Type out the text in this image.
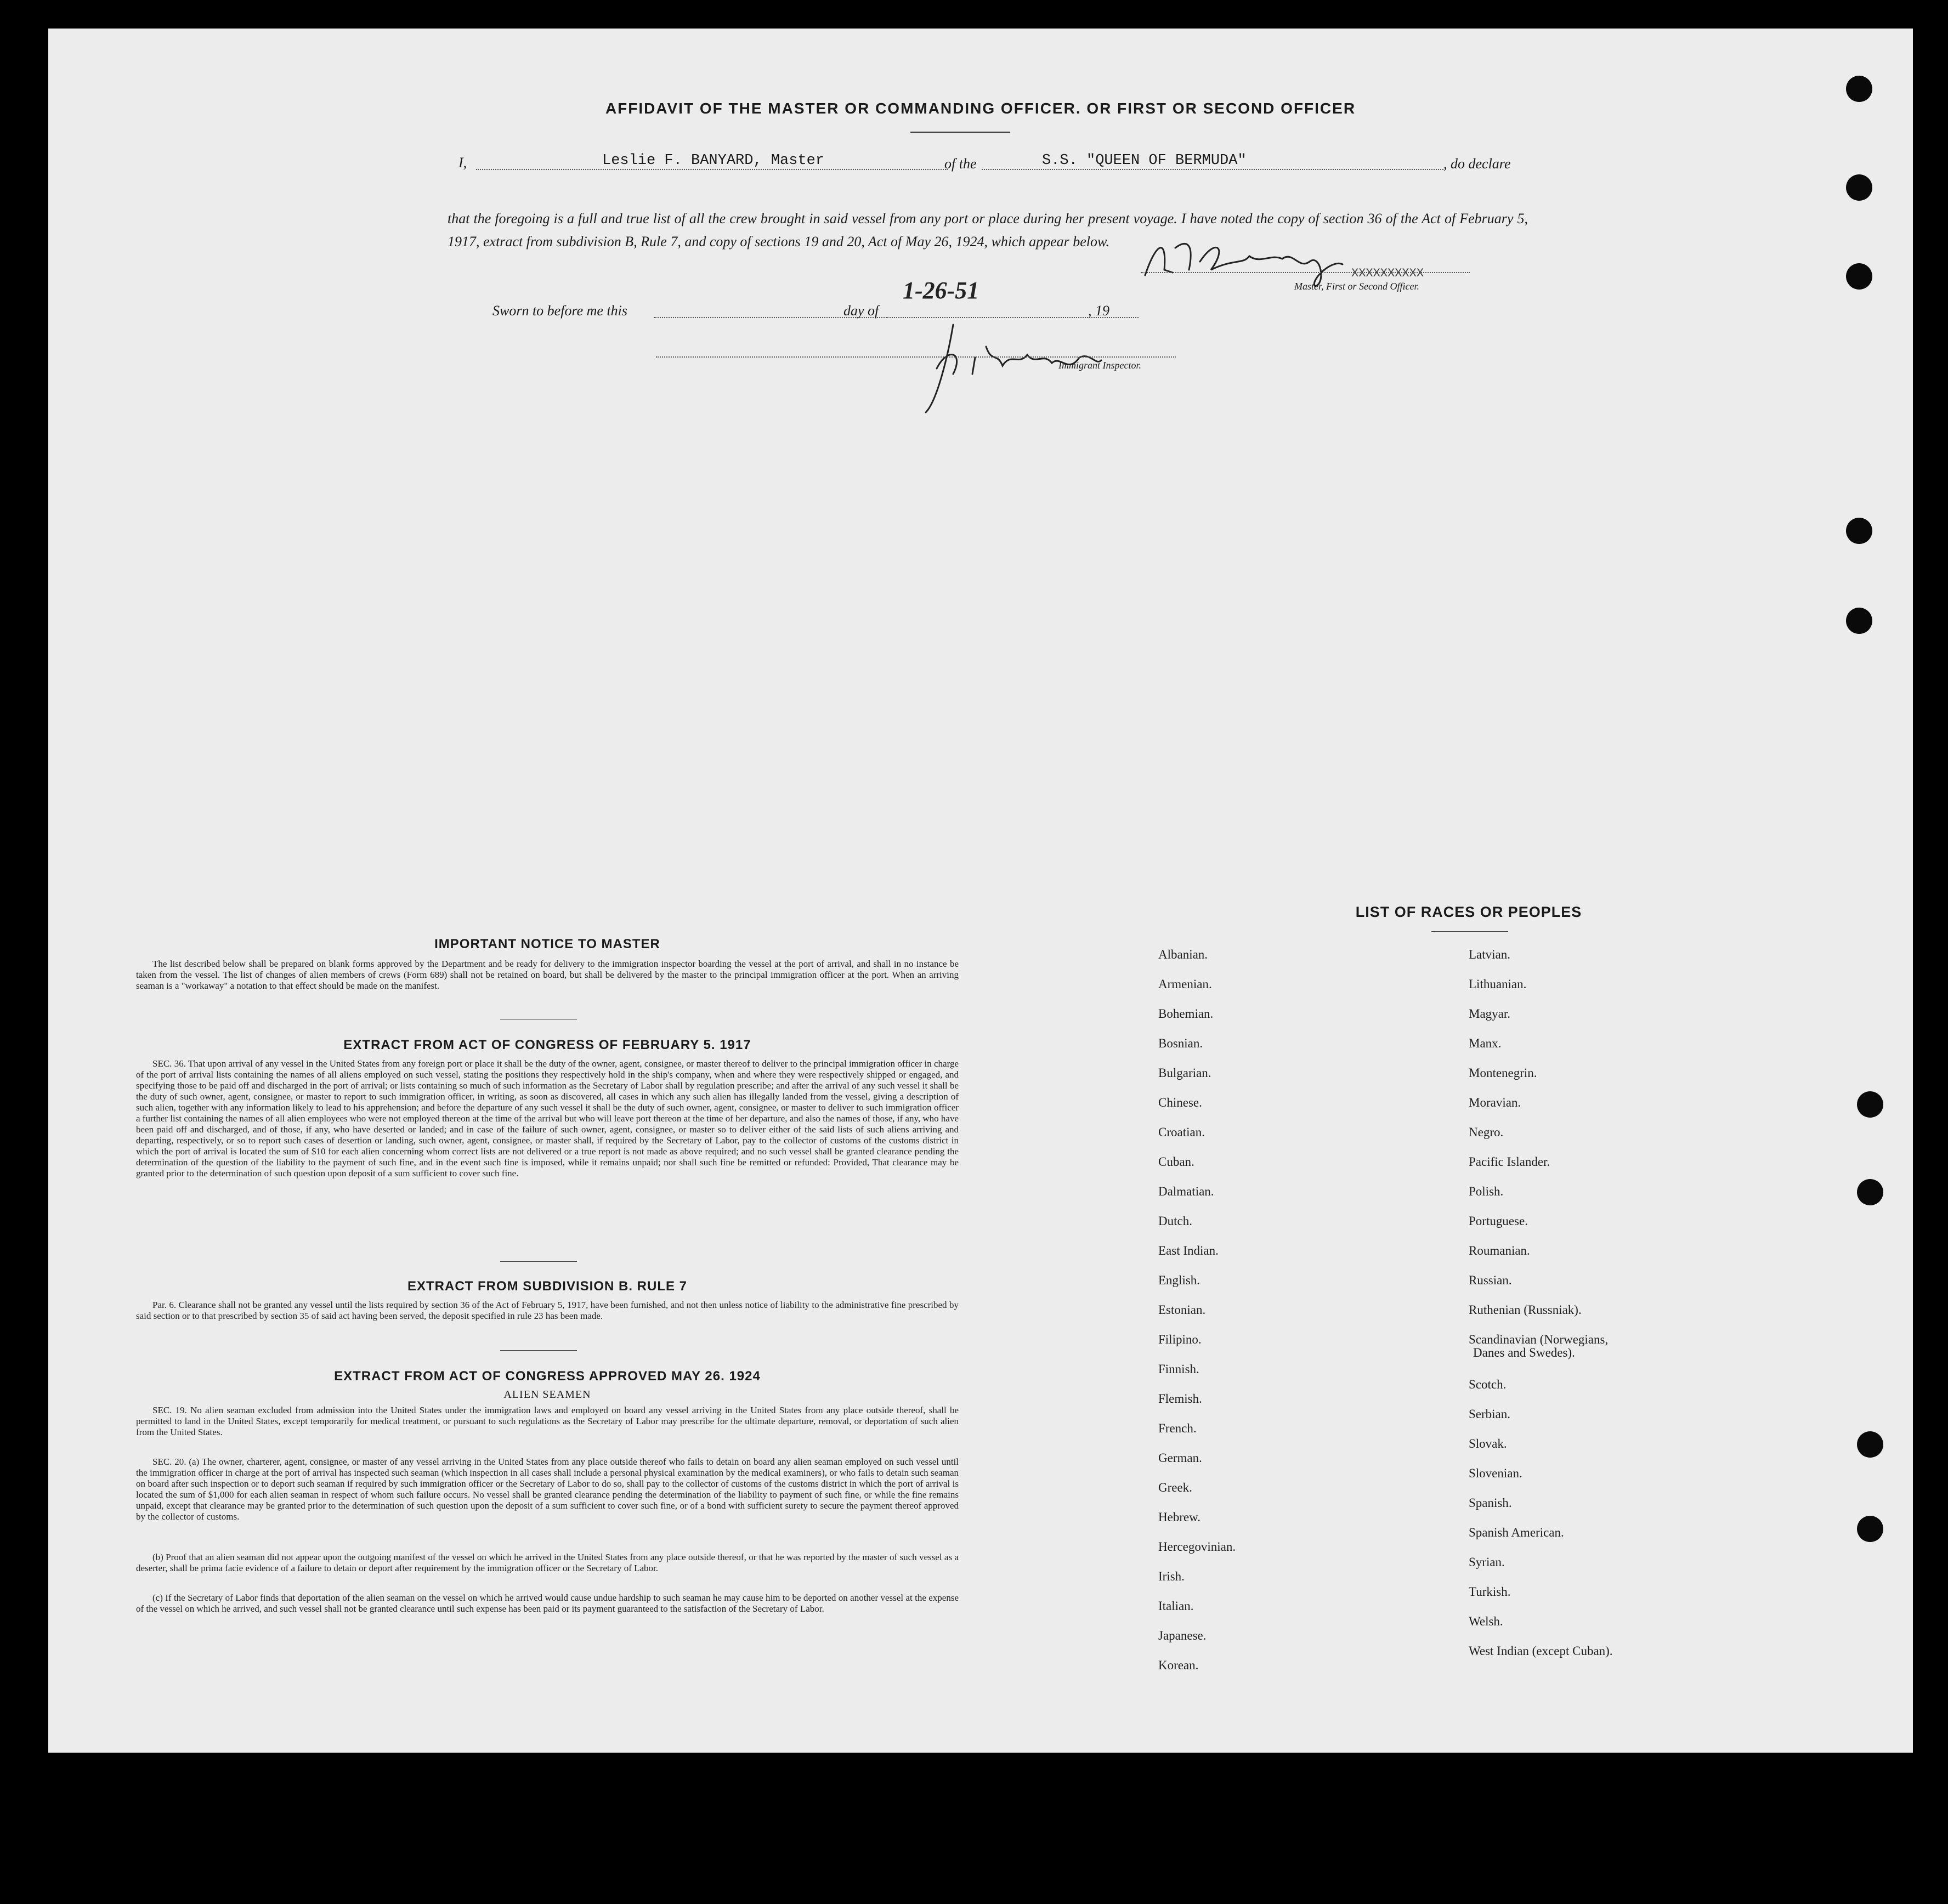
AFFIDAVIT OF THE MASTER OR COMMANDING OFFICER. OR FIRST OR SECOND OFFICER
I,	Leslie F. BANYARD, Master	of the	S.S. "QUEEN OF BERMUDA"	, do declare
that the foregoing is a full and true list of all the crew brought in said vessel from any port or place during her present voyage. I have noted the copy of section 36 of the Act of February 5, 1917, extract from subdivision B, Rule 7, and copy of sections 19 and 20, Act of May 26, 1924, which appear below.
XXXXXXXXXX
Master, First or Second Officer.
Sworn to before me this	day of
1-26-51
, 19
Immigrant Inspector.
IMPORTANT NOTICE TO MASTER
The list described below shall be prepared on blank forms approved by the Department and be ready for delivery to the immigration inspector boarding the vessel at the port of arrival, and shall in no instance be taken from the vessel. The list of changes of alien members of crews (Form 689) shall not be retained on board, but shall be delivered by the master to the principal immigration officer at the port. When an arriving seaman is a "workaway" a notation to that effect should be made on the manifest.
EXTRACT FROM ACT OF CONGRESS OF FEBRUARY 5. 1917
SEC. 36. That upon arrival of any vessel in the United States from any foreign port or place it shall be the duty of the owner, agent, consignee, or master thereof to deliver to the principal immigration officer in charge of the port of arrival lists containing the names of all aliens employed on such vessel, stating the positions they respectively hold in the ship's company, when and where they were respectively shipped or engaged, and specifying those to be paid off and discharged in the port of arrival; or lists containing so much of such information as the Secretary of Labor shall by regulation prescribe; and after the arrival of any such vessel it shall be the duty of such owner, agent, consignee, or master to report to such immigration officer, in writing, as soon as discovered, all cases in which any such alien has illegally landed from the vessel, giving a description of such alien, together with any information likely to lead to his apprehension; and before the departure of any such vessel it shall be the duty of such owner, agent, consignee, or master to deliver to such immigration officer a further list containing the names of all alien employees who were not employed thereon at the time of the arrival but who will leave port thereon at the time of her departure, and also the names of those, if any, who have been paid off and discharged, and of those, if any, who have deserted or landed; and in case of the failure of such owner, agent, consignee, or master so to deliver either of the said lists of such aliens arriving and departing, respectively, or so to report such cases of desertion or landing, such owner, agent, consignee, or master shall, if required by the Secretary of Labor, pay to the collector of customs of the customs district in which the port of arrival is located the sum of $10 for each alien concerning whom correct lists are not delivered or a true report is not made as above required; and no such vessel shall be granted clearance pending the determination of the question of the liability to the payment of such fine, and in the event such fine is imposed, while it remains unpaid; nor shall such fine be remitted or refunded: Provided, That clearance may be granted prior to the determination of such question upon deposit of a sum sufficient to cover such fine.
EXTRACT FROM SUBDIVISION B. RULE 7
Par. 6. Clearance shall not be granted any vessel until the lists required by section 36 of the Act of February 5, 1917, have been furnished, and not then unless notice of liability to the administrative fine prescribed by said section or to that prescribed by section 35 of said act having been served, the deposit specified in rule 23 has been made.
EXTRACT FROM ACT OF CONGRESS APPROVED MAY 26. 1924
ALIEN SEAMEN
SEC. 19. No alien seaman excluded from admission into the United States under the immigration laws and employed on board any vessel arriving in the United States from any place outside thereof, shall be permitted to land in the United States, except temporarily for medical treatment, or pursuant to such regulations as the Secretary of Labor may prescribe for the ultimate departure, removal, or deportation of such alien from the United States.
SEC. 20. (a) The owner, charterer, agent, consignee, or master of any vessel arriving in the United States from any place outside thereof who fails to detain on board any alien seaman employed on such vessel until the immigration officer in charge at the port of arrival has inspected such seaman (which inspection in all cases shall include a personal physical examination by the medical examiners), or who fails to detain such seaman on board after such inspection or to deport such seaman if required by such immigration officer or the Secretary of Labor to do so, shall pay to the collector of customs of the customs district in which the port of arrival is located the sum of $1,000 for each alien seaman in respect of whom such failure occurs. No vessel shall be granted clearance pending the determination of the liability to payment of such fine, or while the fine remains unpaid, except that clearance may be granted prior to the determination of such question upon the deposit of a sum sufficient to cover such fine, or of a bond with sufficient surety to secure the payment thereof approved by the collector of customs.
(b) Proof that an alien seaman did not appear upon the outgoing manifest of the vessel on which he arrived in the United States from any place outside thereof, or that he was reported by the master of such vessel as a deserter, shall be prima facie evidence of a failure to detain or deport after requirement by the immigration officer or the Secretary of Labor.
(c) If the Secretary of Labor finds that deportation of the alien seaman on the vessel on which he arrived would cause undue hardship to such seaman he may cause him to be deported on another vessel at the expense of the vessel on which he arrived, and such vessel shall not be granted clearance until such expense has been paid or its payment guaranteed to the satisfaction of the Secretary of Labor.
LIST OF RACES OR PEOPLES
Albanian.
Armenian.
Bohemian.
Bosnian.
Bulgarian.
Chinese.
Croatian.
Cuban.
Dalmatian.
Dutch.
East Indian.
English.
Estonian.
Filipino.
Finnish.
Flemish.
French.
German.
Greek.
Hebrew.
Hercegovinian.
Irish.
Italian.
Japanese.
Korean.
Latvian.
Lithuanian.
Magyar.
Manx.
Montenegrin.
Moravian.
Negro.
Pacific Islander.
Polish.
Portuguese.
Roumanian.
Russian.
Ruthenian (Russniak).
Scandinavian (Norwegians,
Danes and Swedes).
Scotch.
Serbian.
Slovak.
Slovenian.
Spanish.
Spanish American.
Syrian.
Turkish.
Welsh.
West Indian (except Cuban).
